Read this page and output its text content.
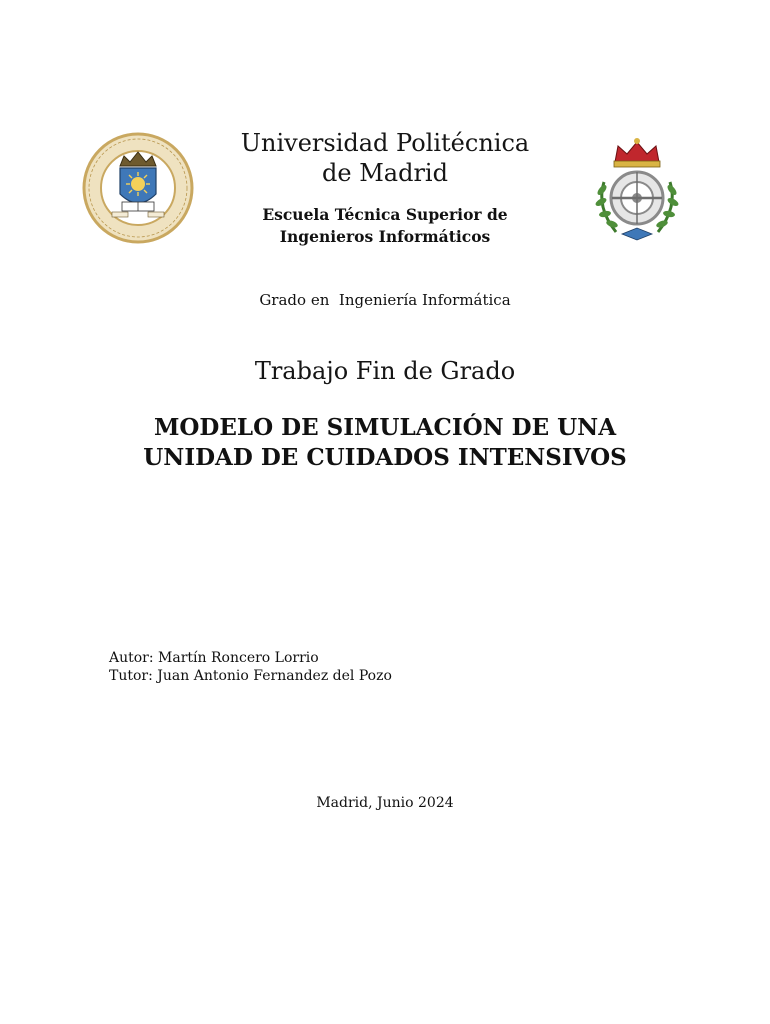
Universidad Politécnica
de Madrid
Escuela Técnica Superior de
Ingenieros Informáticos
Grado en  Ingeniería Informática
Trabajo Fin de Grado
MODELO DE SIMULACIÓN DE UNA
UNIDAD DE CUIDADOS INTENSIVOS
Autor: Martín Roncero Lorrio
Tutor: Juan Antonio Fernandez del Pozo
Madrid, Junio 2024
